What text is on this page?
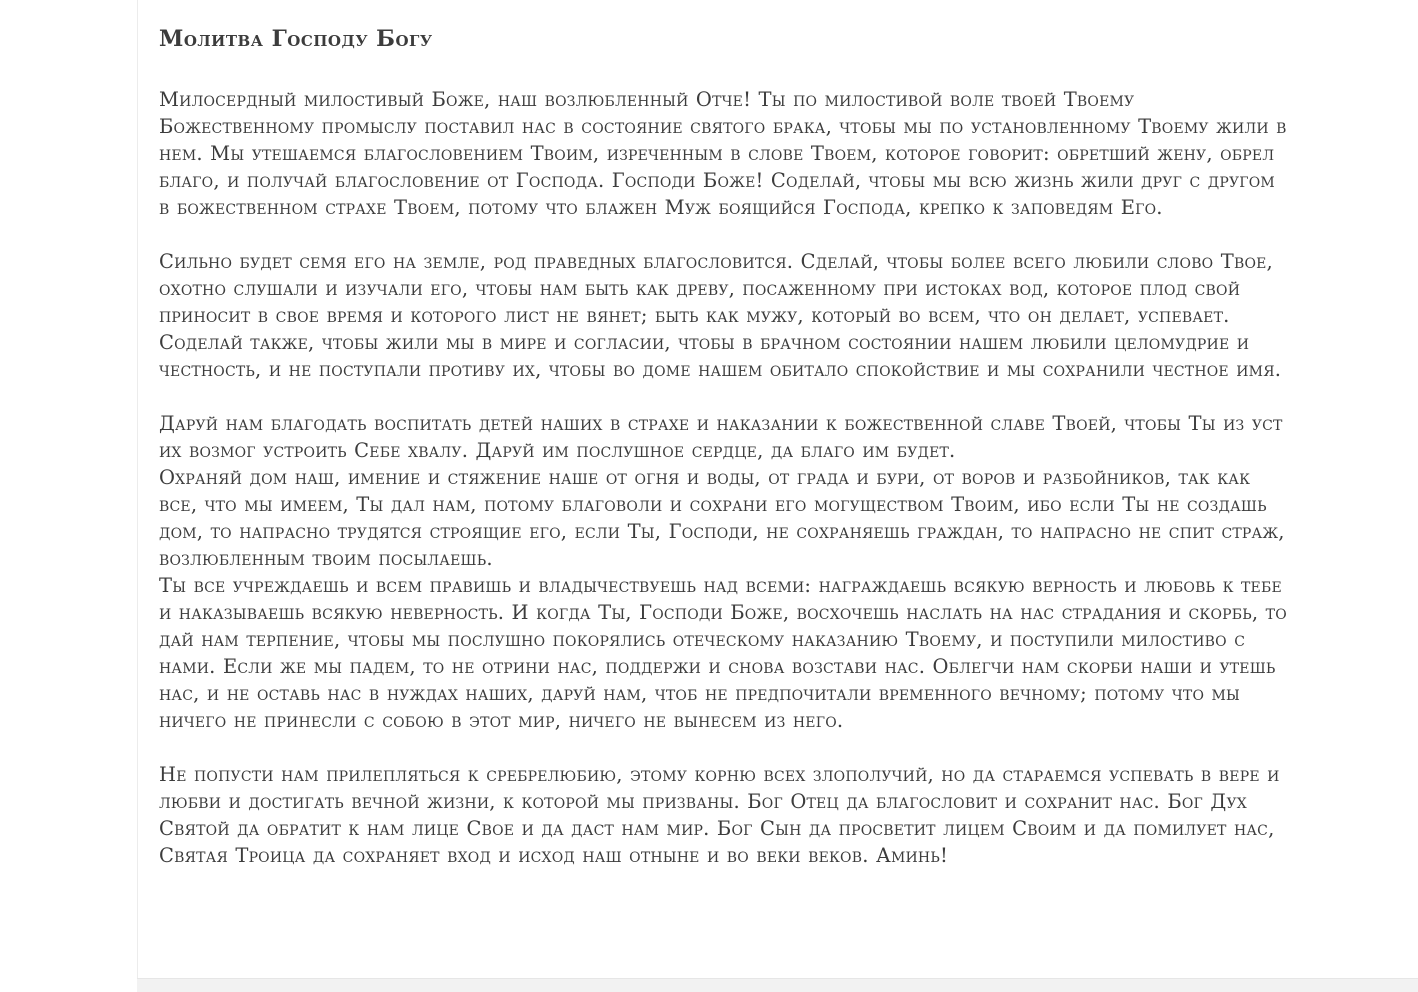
Молитва Господу Богу

Милосердный милостивый Боже, наш возлюбленный Отче! Ты по милостивой воле твоей Твоему Божественному промыслу поставил нас в состояние святого брака, чтобы мы по установленному Твоему жили в нем. Мы утешаемся благословением Твоим, изреченным в слове Твоем, которое говорит: обретший жену, обрел благо, и получай благословение от Господа. Господи Боже! Соделай, чтобы мы всю жизнь жили друг с другом в божественном страхе Твоем, потому что блажен Муж боящийся Господа, крепко к заповедям Его.

Сильно будет семя его на земле, род праведных благословится. Сделай, чтобы более всего любили слово Твое, охотно слушали и изучали его, чтобы нам быть как древу, посаженному при истоках вод, которое плод свой приносит в свое время и которого лист не вянет; быть как мужу, который во всем, что он делает, успевает. Соделай также, чтобы жили мы в мире и согласии, чтобы в брачном состоянии нашем любили целомудрие и честность, и не поступали противу их, чтобы во доме нашем обитало спокойствие и мы сохранили честное имя.

Даруй нам благодать воспитать детей наших в страхе и наказании к божественной славе Твоей, чтобы Ты из уст их возмог устроить Себе хвалу. Даруй им послушное сердце, да благо им будет.

Охраняй дом наш, имение и стяжение наше от огня и воды, от града и бури, от воров и разбойников, так как все, что мы имеем, Ты дал нам, потому благоволи и сохрани его могуществом Твоим, ибо если Ты не создашь дом, то напрасно трудятся строящие его, если Ты, Господи, не сохраняешь граждан, то напрасно не спит страж, возлюбленным твоим посылаешь.

Ты все учреждаешь и всем правишь и владычествуешь над всеми: награждаешь всякую верность и любовь к тебе и наказываешь всякую неверность. И когда Ты, Господи Боже, восхочешь наслать на нас страдания и скорбь, то дай нам терпение, чтобы мы послушно покорялись отеческому наказанию Твоему, и поступили милостиво с нами. Если же мы падем, то не отрини нас, поддержи и снова возстави нас. Облегчи нам скорби наши и утешь нас, и не оставь нас в нуждах наших, даруй нам, чтоб не предпочитали временного вечному; потому что мы ничего не принесли с собою в этот мир, ничего не вынесем из него.

Не попусти нам прилепляться к сребрелюбию, этому корню всех злополучий, но да стараемся успевать в вере и любви и достигать вечной жизни, к которой мы призваны. Бог Отец да благословит и сохранит нас. Бог Дух Святой да обратит к нам лице Свое и да даст нам мир. Бог Сын да просветит лицем Своим и да помилует нас, Святая Троица да сохраняет вход и исход наш отныне и во веки веков. Аминь!
